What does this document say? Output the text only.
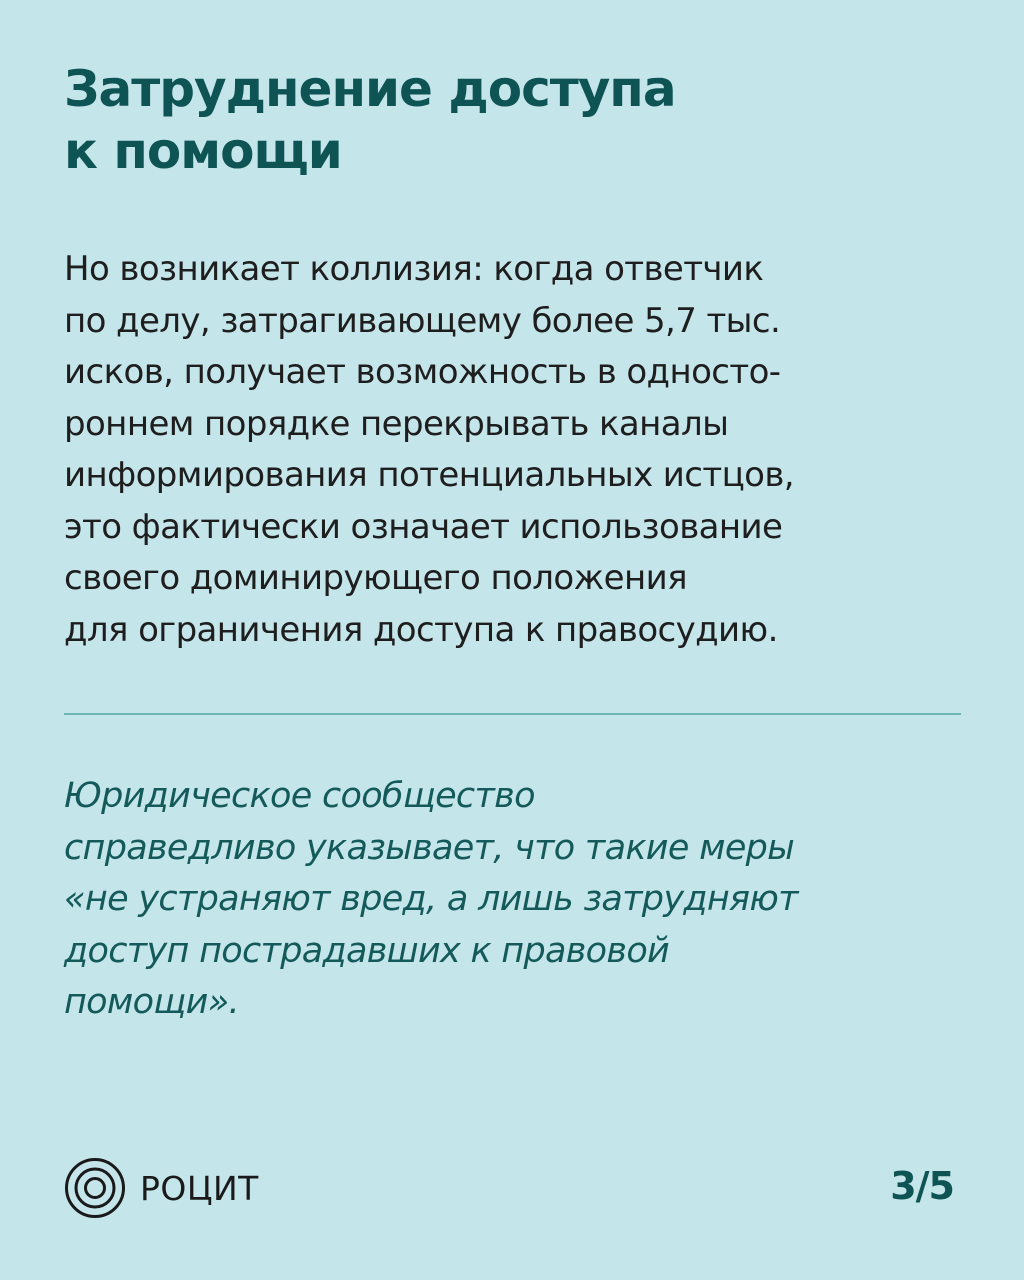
Затруднение доступа
к помощи

Но возникает коллизия: когда ответчик
по делу, затрагивающему более 5,7 тыс.
исков, получает возможность в односто-
роннем порядке перекрывать каналы
информирования потенциальных истцов,
это фактически означает использование
своего доминирующего положения
для ограничения доступа к правосудию.

Юридическое сообщество
справедливо указывает, что такие меры
«не устраняют вред, а лишь затрудняют
доступ пострадавших к правовой
помощи».

РОЦИТ	3/5
